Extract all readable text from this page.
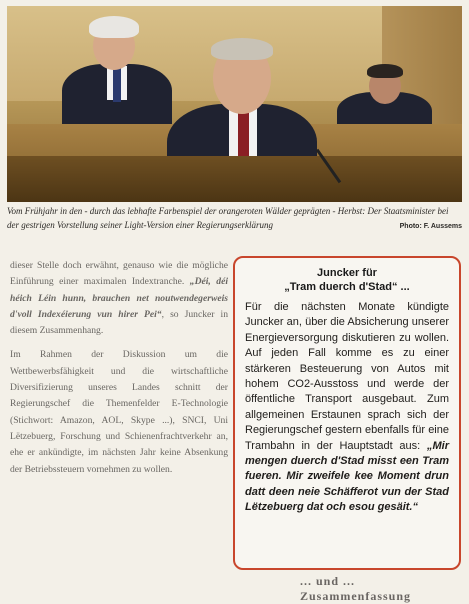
Vom Frühjahr in den - durch das lebhafte Farbenspiel der orangeroten Wälder geprägten - Herbst: Der Staatsminister bei der gestrigen Vorstellung seiner Light-Version einer Regierungserklärung	Photo: F. Aussems

dieser Stelle doch erwähnt, genauso wie die mögliche Einführung einer maximalen Indextranche. „Déi, déi héich Léin hunn, brauchen net noutwendegerweis d'voll Indexéierung vun hirer Pei“, so Juncker in diesem Zusammenhang.

Im Rahmen der Diskussion um die Wettbewerbsfähigkeit und die wirtschaftliche Diversifizierung unseres Landes schnitt der Regierungschef die Themenfelder E-Technologie (Stichwort: Amazon, AOL, Skype ...), SNCI, Uni Lëtzebuerg, Forschung und Schienenfrachtverkehr an, ehe er ankündigte, im nächsten Jahr keine Absenkung der Betriebssteuern vornehmen zu wollen.

Juncker für
„Tram duerch d'Stad“ ...
Für die nächsten Monate kündigte Juncker an, über die Absicherung unserer Energieversorgung diskutieren zu wollen. Auf jeden Fall komme es zu einer stärkeren Besteuerung von Autos mit hohem CO2-Ausstoss und werde der öffentliche Transport ausgebaut. Zum allgemeinen Erstaunen sprach sich der Regierungschef gestern ebenfalls für eine Trambahn in der Hauptstadt aus: „Mir mengen duerch d'Stad misst een Tram fueren. Mir zweifele kee Moment drun datt deen neie Schäfferot vun der Stad Lëtzebuerg dat och esou gesäit.“
... und ... Zusammenfassung
